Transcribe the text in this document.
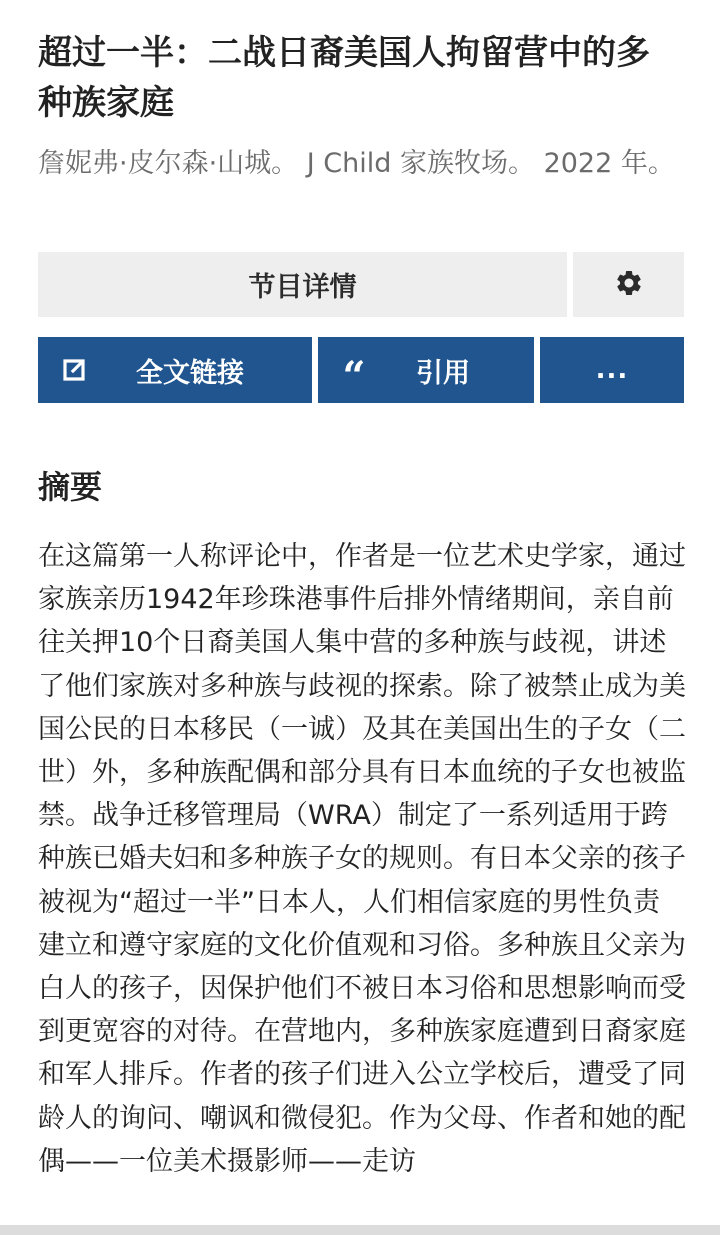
超过一半：二战日裔美国人拘留营中的多种族家庭
詹妮弗·皮尔森·山城。 J Child 家族牧场。 2022 年。
节目详情
全文链接 “ 引用	...
摘要

在这篇第一人称评论中，作者是一位艺术史学家，通过家族亲历1942年珍珠港事件后排外情绪期间，亲自前往关押10个日裔美国人集中营的多种族与歧视，讲述了他们家族对多种族与歧视的探索。除了被禁止成为美国公民的日本移民（一诚）及其在美国出生的子女（二世）外，多种族配偶和部分具有日本血统的子女也被监禁。战争迁移管理局（WRA）制定了一系列适用于跨种族已婚夫妇和多种族子女的规则。有日本父亲的孩子被视为“超过一半”日本人，人们相信家庭的男性负责建立和遵守家庭的文化价值观和习俗。多种族且父亲为白人的孩子，因保护他们不被日本习俗和思想影响而受到更宽容的对待。在营地内，多种族家庭遭到日裔家庭和军人排斥。作者的孩子们进入公立学校后，遭受了同龄人的询问、嘲讽和微侵犯。作为父母、作者和她的配偶——一位美术摄影师——走访
